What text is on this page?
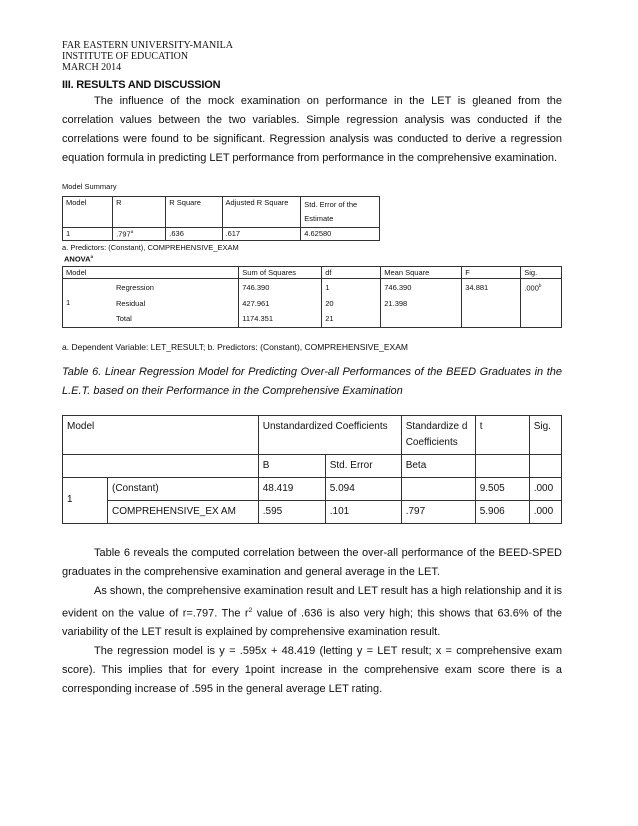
FAR EASTERN UNIVERSITY-MANILA
INSTITUTE OF EDUCATION
MARCH 2014
III. RESULTS AND DISCUSSION

The influence of the mock examination on performance in the LET is gleaned from the correlation values between the two variables. Simple regression analysis was conducted if the correlations were found to be significant. Regression analysis was conducted to derive a regression equation formula in predicting LET performance from performance in the comprehensive examination.

Model Summary
Model	R	R Square	Adjusted R Square	Std. Error of the Estimate
1	.797$^a$	.636	.617	4.62580
a. Predictors: (Constant), COMPREHENSIVE_EXAM
ANOVA$^a$
Model		Sum of Squares	df	Mean Square	F	Sig.
1	Regression	746.390	1	746.390	34.881	.000$^b$
	Residual	427.961	20	21.398		
	Total	1174.351	21			
a. Dependent Variable: LET_RESULT; b. Predictors: (Constant), COMPREHENSIVE_EXAM

Table 6. Linear Regression Model for Predicting Over-all Performances of the BEED Graduates in the L.E.T. based on their Performance in the Comprehensive Examination

Model		Unstandardized Coefficients		Standardize d Coefficients	t	Sig.
		B	Std. Error	Beta		
1	(Constant)	48.419	5.094		9.505	.000
	COMPREHENSIVE_EX AM	.595	.101	.797	5.906	.000

Table 6 reveals the computed correlation between the over-all performance of the BEED-SPED graduates in the comprehensive examination and general average in the LET.

As shown, the comprehensive examination result and LET result has a high relationship and it is evident on the value of r=.797. The $r^2$ value of .636 is also very high; this shows that 63.6% of the variability of the LET result is explained by comprehensive examination result.

The regression model is y = .595x + 48.419 (letting y = LET result; x = comprehensive exam score). This implies that for every 1point increase in the comprehensive exam score there is a corresponding increase of .595 in the general average LET rating.
